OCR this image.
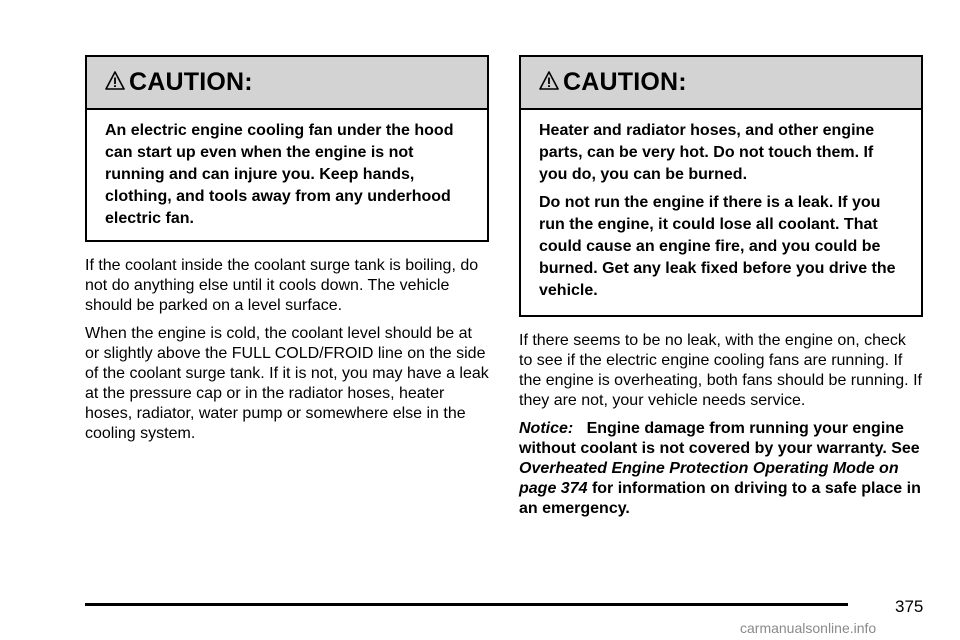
CAUTION:

An electric engine cooling fan under the hood can start up even when the engine is not running and can injure you. Keep hands, clothing, and tools away from any underhood electric fan.

If the coolant inside the coolant surge tank is boiling, do not do anything else until it cools down. The vehicle should be parked on a level surface.

When the engine is cold, the coolant level should be at or slightly above the FULL COLD/FROID line on the side of the coolant surge tank. If it is not, you may have a leak at the pressure cap or in the radiator hoses, heater hoses, radiator, water pump or somewhere else in the cooling system.

CAUTION:

Heater and radiator hoses, and other engine parts, can be very hot. Do not touch them. If you do, you can be burned.

Do not run the engine if there is a leak. If you run the engine, it could lose all coolant. That could cause an engine fire, and you could be burned. Get any leak fixed before you drive the vehicle.

If there seems to be no leak, with the engine on, check to see if the electric engine cooling fans are running. If the engine is overheating, both fans should be running. If they are not, your vehicle needs service.

Notice: Engine damage from running your engine without coolant is not covered by your warranty. See Overheated Engine Protection Operating Mode on page 374 for information on driving to a safe place in an emergency.

375
carmanualsonline.info
